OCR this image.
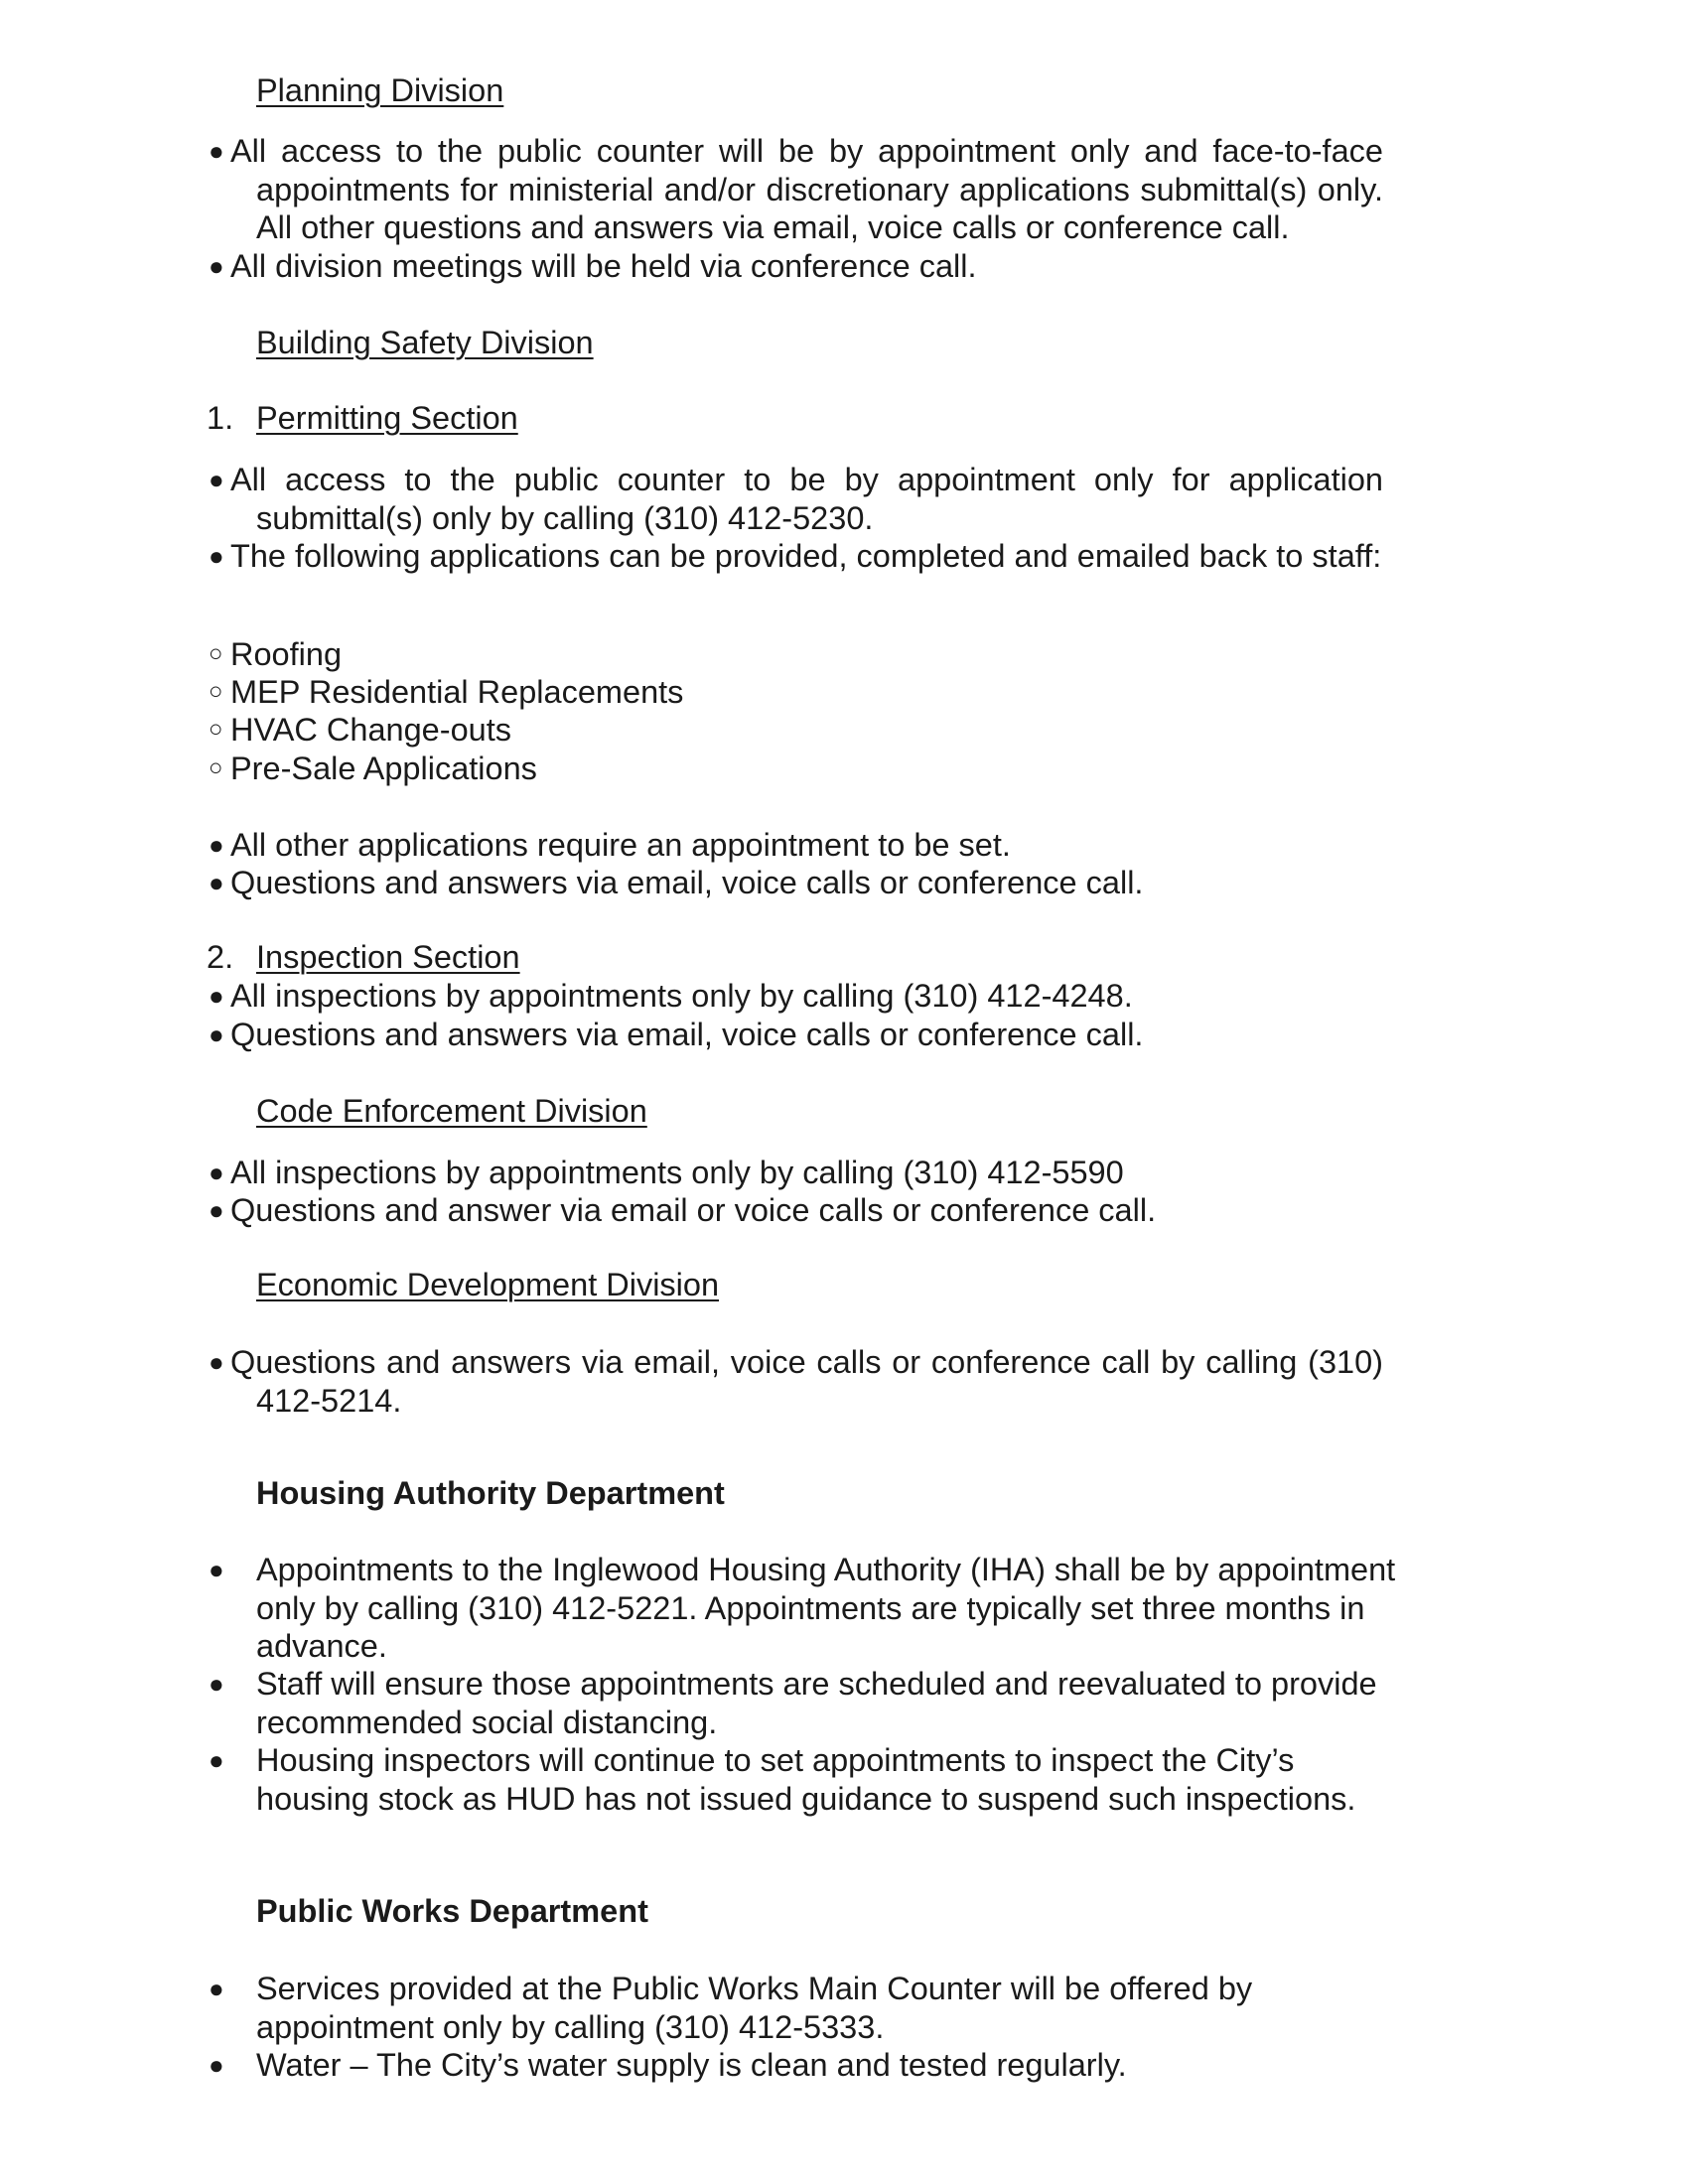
Planning Division
● All access to the public counter will be by appointment only and face-to-face appointments for ministerial and/or discretionary applications submittal(s) only. All other questions and answers via email, voice calls or conference call.
● All division meetings will be held via conference call.
Building Safety Division
1. Permitting Section
● All access to the public counter to be by appointment only for application submittal(s) only by calling (310) 412-5230.
● The following applications can be provided, completed and emailed back to staff:
○ Roofing
○ MEP Residential Replacements
○ HVAC Change-outs
○ Pre-Sale Applications
● All other applications require an appointment to be set.
● Questions and answers via email, voice calls or conference call.
2. Inspection Section
● All inspections by appointments only by calling (310) 412-4248.
● Questions and answers via email, voice calls or conference call.
Code Enforcement Division
● All inspections by appointments only by calling (310) 412-5590
● Questions and answer via email or voice calls or conference call.
Economic Development Division
● Questions and answers via email, voice calls or conference call by calling (310) 412-5214.
Housing Authority Department
● Appointments to the Inglewood Housing Authority (IHA) shall be by appointment only by calling (310) 412-5221. Appointments are typically set three months in advance.
● Staff will ensure those appointments are scheduled and reevaluated to provide recommended social distancing.
● Housing inspectors will continue to set appointments to inspect the City’s housing stock as HUD has not issued guidance to suspend such inspections.
Public Works Department
● Services provided at the Public Works Main Counter will be offered by appointment only by calling (310) 412-5333.
● Water – The City’s water supply is clean and tested regularly.
